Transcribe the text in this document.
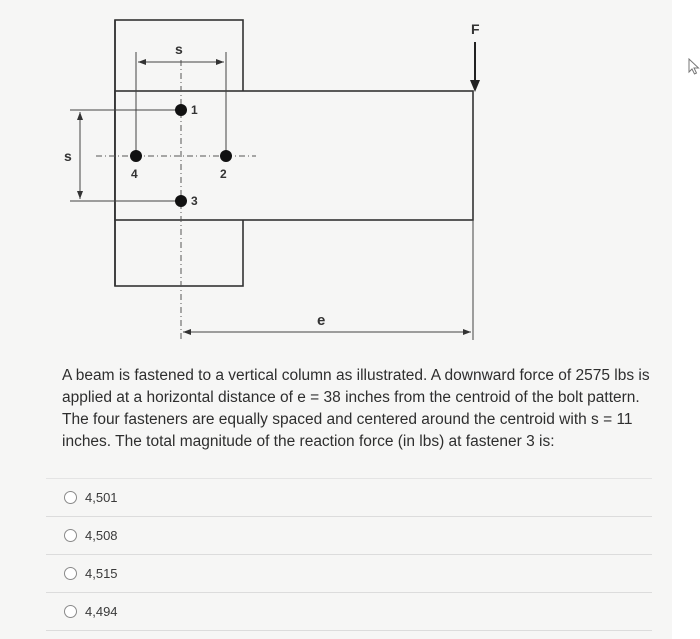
F
s
s
e
1
2
3
4
A beam is fastened to a vertical column as illustrated. A downward force of 2575 lbs is applied at a horizontal distance of e = 38 inches from the centroid of the bolt pattern. The four fasteners are equally spaced and centered around the centroid with s = 11 inches. The total magnitude of the reaction force (in lbs) at fastener 3 is:
4,501
4,508
4,515
4,494
